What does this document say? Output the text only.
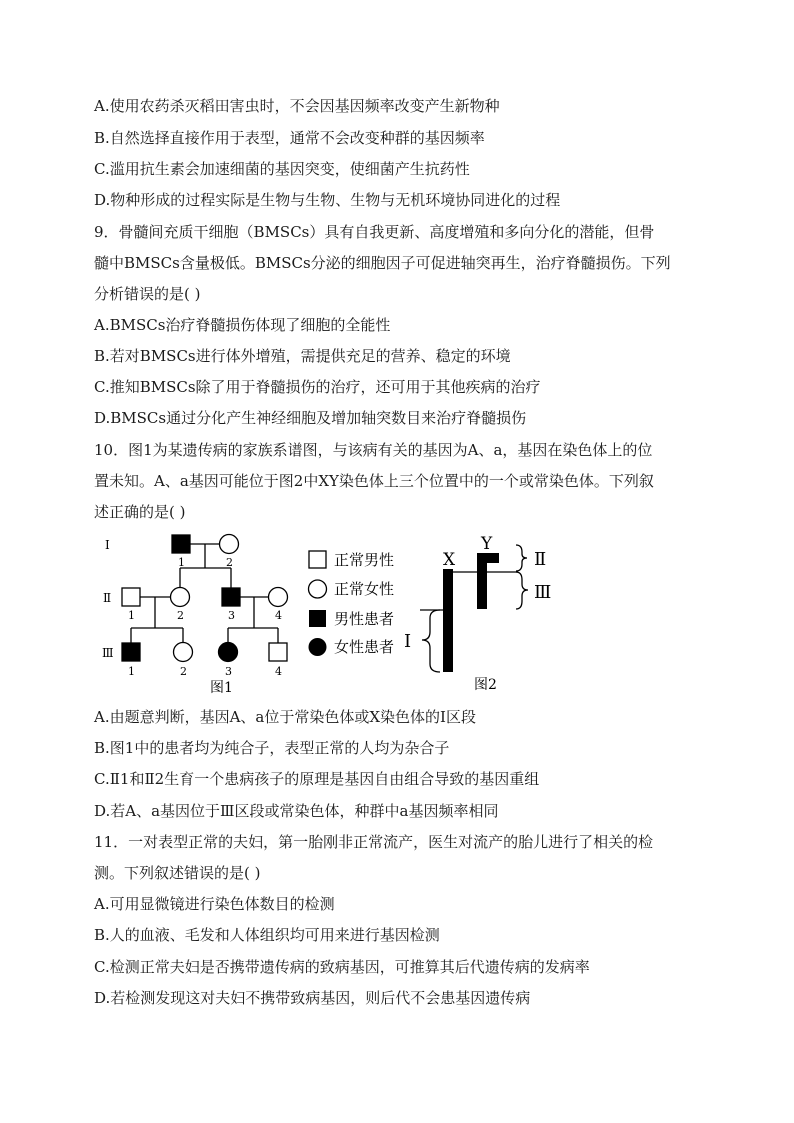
A.使用农药杀灭稻田害虫时，不会因基因频率改变产生新物种
B.自然选择直接作用于表型，通常不会改变种群的基因频率
C.滥用抗生素会加速细菌的基因突变，使细菌产生抗药性
D.物种形成的过程实际是生物与生物、生物与无机环境协同进化的过程
9．骨髓间充质干细胞（BMSCs）具有自我更新、高度增殖和多向分化的潜能，但骨
髓中BMSCs含量极低。BMSCs分泌的细胞因子可促进轴突再生，治疗脊髓损伤。下列
分析错误的是( )
A.BMSCs治疗脊髓损伤体现了细胞的全能性
B.若对BMSCs进行体外增殖，需提供充足的营养、稳定的环境
C.推知BMSCs除了用于脊髓损伤的治疗，还可用于其他疾病的治疗
D.BMSCs通过分化产生神经细胞及增加轴突数目来治疗脊髓损伤
10．图1为某遗传病的家族系谱图，与该病有关的基因为A、a，基因在染色体上的位
置未知。A、a基因可能位于图2中XY染色体上三个位置中的一个或常染色体。下列叙
述正确的是( )
Ⅰ
Ⅱ
Ⅲ
1	2
1	2	3	4
1	2	3	4
图1
正常男性
正常女性
男性患者
女性患者
X
Y
Ⅱ
Ⅲ
Ⅰ
图2
A.由题意判断，基因A、a位于常染色体或X染色体的Ⅰ区段
B.图1中的患者均为纯合子，表型正常的人均为杂合子
C.Ⅱ1和Ⅱ2生育一个患病孩子的原理是基因自由组合导致的基因重组
D.若A、a基因位于Ⅲ区段或常染色体，种群中a基因频率相同
11．一对表型正常的夫妇，第一胎刚非正常流产，医生对流产的胎儿进行了相关的检
测。下列叙述错误的是( )
A.可用显微镜进行染色体数目的检测
B.人的血液、毛发和人体组织均可用来进行基因检测
C.检测正常夫妇是否携带遗传病的致病基因，可推算其后代遗传病的发病率
D.若检测发现这对夫妇不携带致病基因，则后代不会患基因遗传病
